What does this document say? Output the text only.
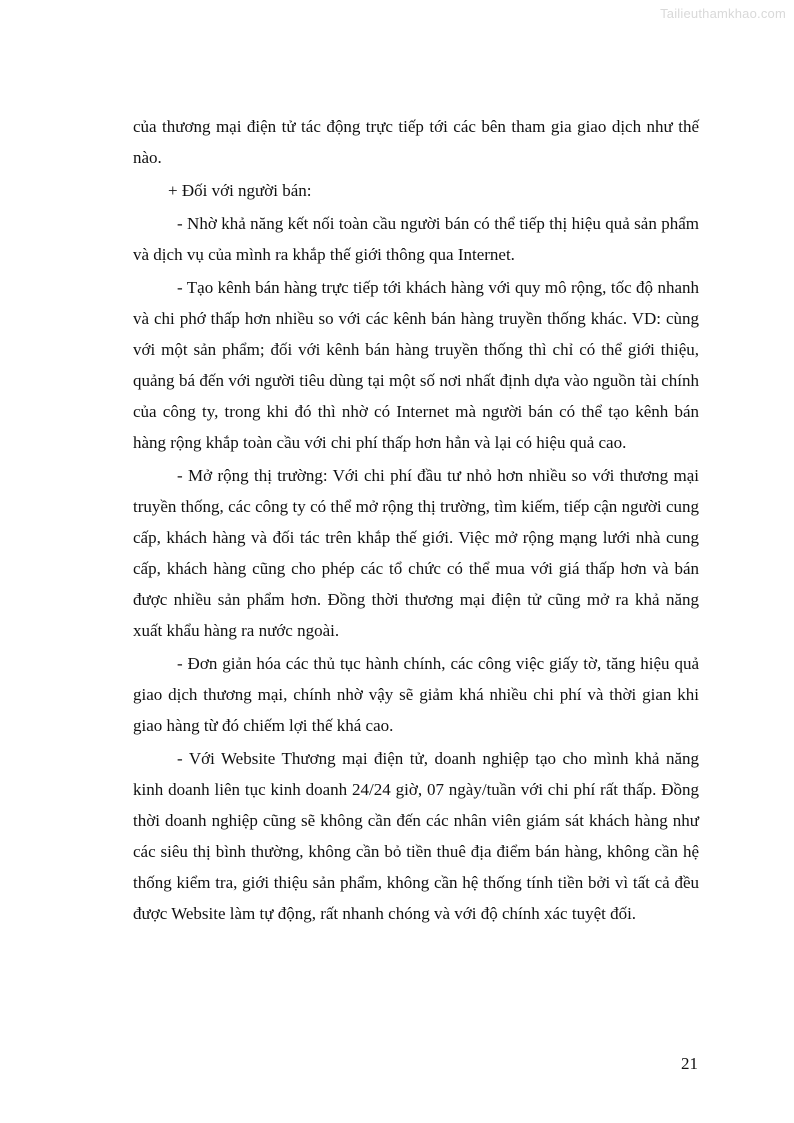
Tailieuthamkhao.com

của thương mại điện tử tác động trực tiếp tới các bên tham gia giao dịch như thế nào.

+ Đối với người bán:

- Nhờ khả năng kết nối toàn cầu người bán có thể tiếp thị hiệu quả sản phẩm và dịch vụ của mình ra khắp thế giới thông qua Internet.

- Tạo kênh bán hàng trực tiếp tới khách hàng với quy mô rộng, tốc độ nhanh và chi phớ thấp hơn nhiều so với các kênh bán hàng truyền thống khác. VD: cùng với một sản phẩm; đối với kênh bán hàng truyền thống thì chỉ có thể giới thiệu, quảng bá đến với người tiêu dùng tại một số nơi nhất định dựa vào nguồn tài chính của công ty, trong khi đó thì nhờ có Internet mà người bán có thể tạo kênh bán hàng rộng khắp toàn cầu với chi phí thấp hơn hẳn và lại có hiệu quả cao.

- Mở rộng thị trường: Với chi phí đầu tư nhỏ hơn nhiều so với thương mại truyền thống, các công ty có thể mở rộng thị trường, tìm kiếm, tiếp cận người cung cấp, khách hàng và đối tác trên khắp thế giới. Việc mở rộng mạng lưới nhà cung cấp, khách hàng cũng cho phép các tổ chức có thể mua với giá thấp hơn và bán được nhiều sản phẩm hơn. Đồng thời thương mại điện tử cũng mở ra khả năng xuất khẩu hàng ra nước ngoài.

- Đơn giản hóa các thủ tục hành chính, các công việc giấy tờ, tăng hiệu quả giao dịch thương mại, chính nhờ vậy sẽ giảm khá nhiều chi phí và thời gian khi giao hàng từ đó chiếm lợi thế khá cao.

- Với Website Thương mại điện tử, doanh nghiệp tạo cho mình khả năng kinh doanh liên tục kinh doanh 24/24 giờ, 07 ngày/tuần với chi phí rất thấp. Đồng thời doanh nghiệp cũng sẽ không cần đến các nhân viên giám sát khách hàng như các siêu thị bình thường, không cần bỏ tiền thuê địa điểm bán hàng, không cần hệ thống kiểm tra, giới thiệu sản phẩm, không cần hệ thống tính tiền bởi vì tất cả đều được Website làm tự động, rất nhanh chóng và với độ chính xác tuyệt đối.

21
